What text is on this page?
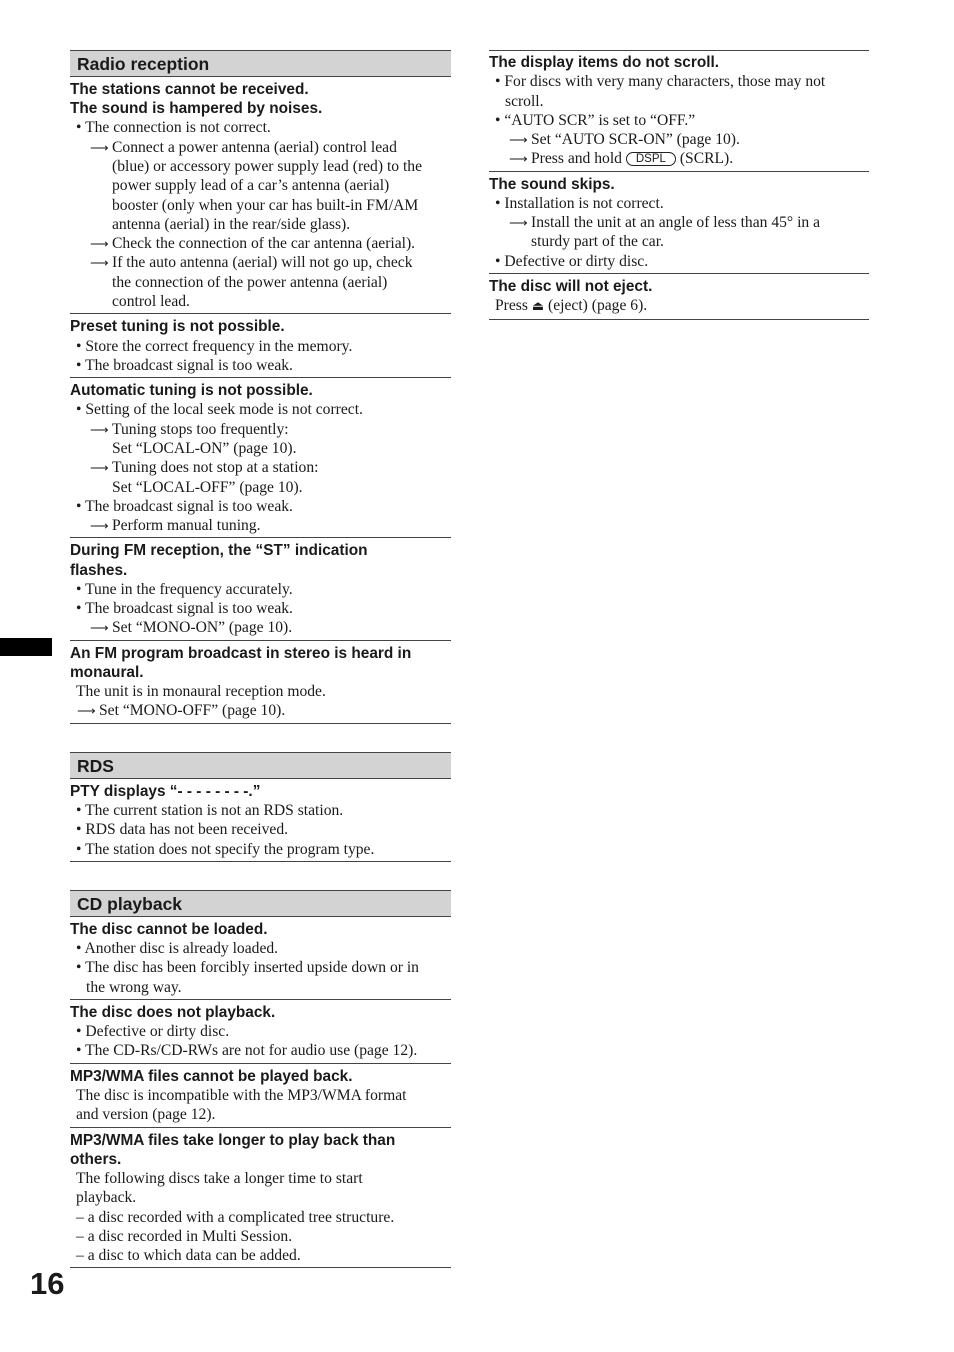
Radio reception

The stations cannot be received.

The sound is hampered by noises.

• The connection is not correct.

⟶ Connect a power antenna (aerial) control lead

(blue) or accessory power supply lead (red) to the

power supply lead of a car’s antenna (aerial)

booster (only when your car has built-in FM/AM

antenna (aerial) in the rear/side glass).

⟶ Check the connection of the car antenna (aerial).

⟶ If the auto antenna (aerial) will not go up, check

the connection of the power antenna (aerial)

control lead.

Preset tuning is not possible.

• Store the correct frequency in the memory.

• The broadcast signal is too weak.

Automatic tuning is not possible.

• Setting of the local seek mode is not correct.

⟶ Tuning stops too frequently:

Set “LOCAL-ON” (page 10).

⟶ Tuning does not stop at a station:

Set “LOCAL-OFF” (page 10).

• The broadcast signal is too weak.

⟶ Perform manual tuning.

During FM reception, the “ST” indication

flashes.

• Tune in the frequency accurately.

• The broadcast signal is too weak.

⟶ Set “MONO-ON” (page 10).

An FM program broadcast in stereo is heard in

monaural.

The unit is in monaural reception mode.

⟶ Set “MONO-OFF” (page 10).

RDS

PTY displays “- - - - - - - -.”

• The current station is not an RDS station.

• RDS data has not been received.

• The station does not specify the program type.

CD playback

The disc cannot be loaded.

• Another disc is already loaded.

• The disc has been forcibly inserted upside down or in

the wrong way.

The disc does not playback.

• Defective or dirty disc.

• The CD-Rs/CD-RWs are not for audio use (page 12).

MP3/WMA files cannot be played back.

The disc is incompatible with the MP3/WMA format

and version (page 12).

MP3/WMA files take longer to play back than

others.

The following discs take a longer time to start

playback.

– a disc recorded with a complicated tree structure.

– a disc recorded in Multi Session.

– a disc to which data can be added.

The display items do not scroll.

• For discs with very many characters, those may not

scroll.

• “AUTO SCR” is set to “OFF.”

⟶ Set “AUTO SCR-ON” (page 10).

⟶ Press and hold DSPL (SCRL).

The sound skips.

• Installation is not correct.

⟶ Install the unit at an angle of less than 45° in a

sturdy part of the car.

• Defective or dirty disc.

The disc will not eject.

Press ⏏ (eject) (page 6).

16
